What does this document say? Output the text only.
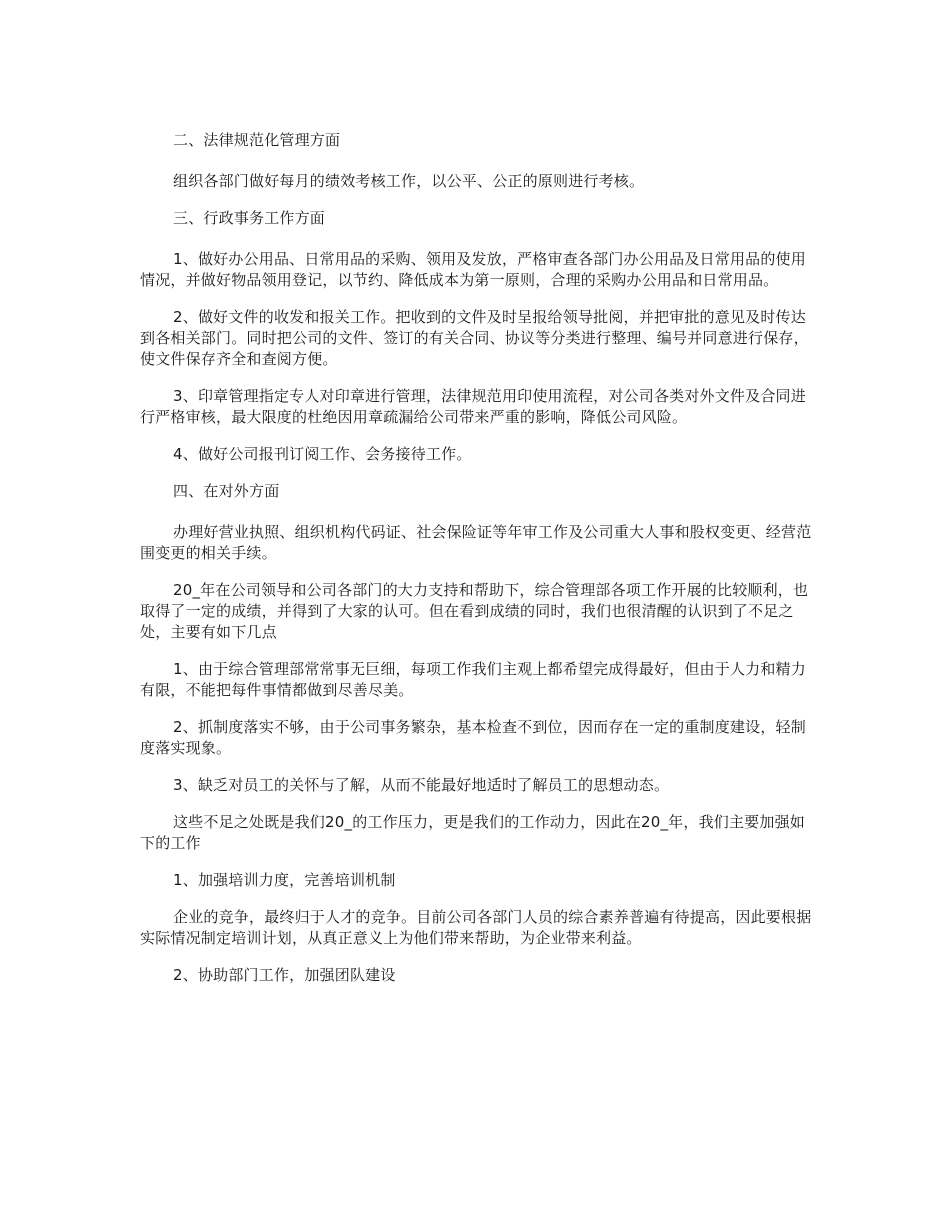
二、法律规范化管理方面

组织各部门做好每月的绩效考核工作，以公平、公正的原则进行考核。

三、行政事务工作方面

1、做好办公用品、日常用品的采购、领用及发放，严格审查各部门办公用品及日常用品的使用情况，并做好物品领用登记，以节约、降低成本为第一原则，合理的采购办公用品和日常用品。

2、做好文件的收发和报关工作。把收到的文件及时呈报给领导批阅，并把审批的意见及时传达到各相关部门。同时把公司的文件、签订的有关合同、协议等分类进行整理、编号并同意进行保存，使文件保存齐全和查阅方便。

3、印章管理指定专人对印章进行管理，法律规范用印使用流程，对公司各类对外文件及合同进行严格审核，最大限度的杜绝因用章疏漏给公司带来严重的影响，降低公司风险。

4、做好公司报刊订阅工作、会务接待工作。

四、在对外方面

办理好营业执照、组织机构代码证、社会保险证等年审工作及公司重大人事和股权变更、经营范围变更的相关手续。

20_年在公司领导和公司各部门的大力支持和帮助下，综合管理部各项工作开展的比较顺利，也取得了一定的成绩，并得到了大家的认可。但在看到成绩的同时，我们也很清醒的认识到了不足之处，主要有如下几点

1、由于综合管理部常常事无巨细，每项工作我们主观上都希望完成得最好，但由于人力和精力有限，不能把每件事情都做到尽善尽美。

2、抓制度落实不够，由于公司事务繁杂，基本检查不到位，因而存在一定的重制度建设，轻制度落实现象。

3、缺乏对员工的关怀与了解，从而不能最好地适时了解员工的思想动态。

这些不足之处既是我们20_的工作压力，更是我们的工作动力，因此在20_年，我们主要加强如下的工作

1、加强培训力度，完善培训机制

企业的竞争，最终归于人才的竞争。目前公司各部门人员的综合素养普遍有待提高，因此要根据实际情况制定培训计划，从真正意义上为他们带来帮助，为企业带来利益。

2、协助部门工作，加强团队建设
